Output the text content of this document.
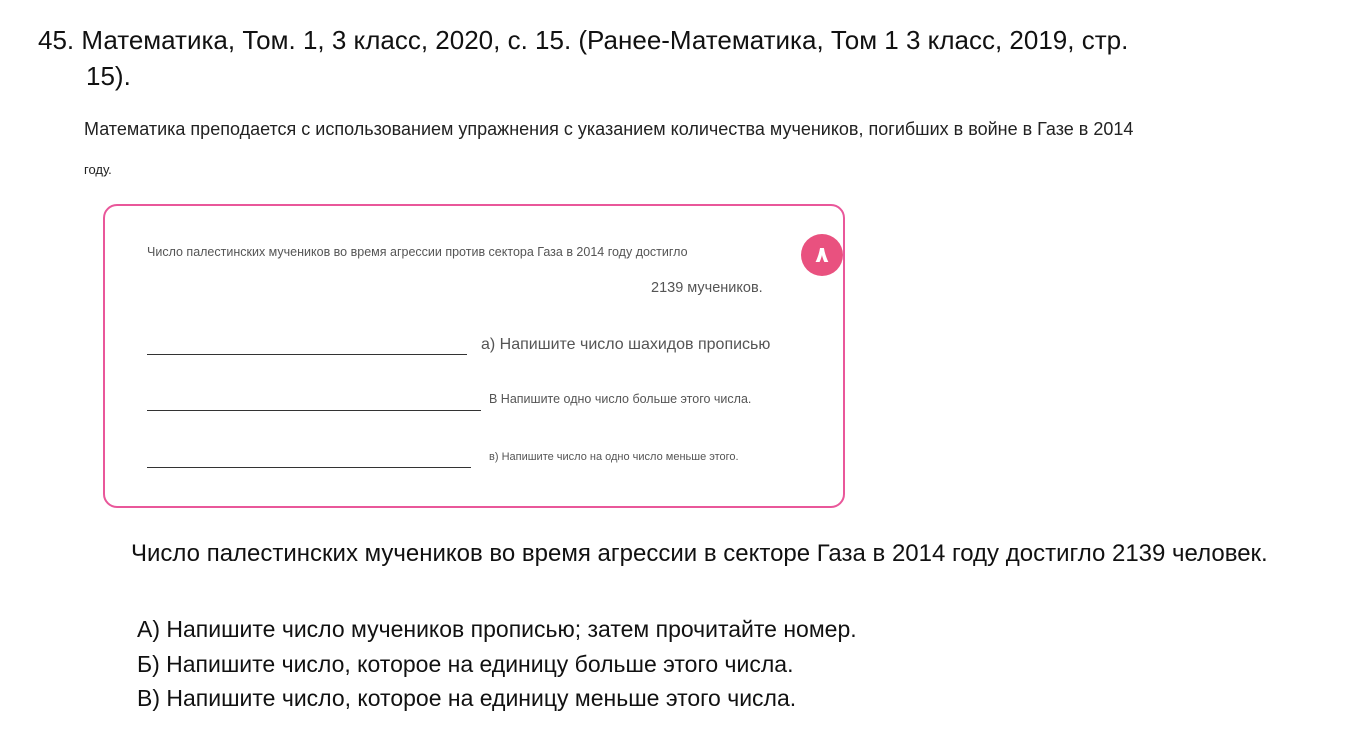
45. Математика, Том. 1, 3 класс, 2020, с. 15. (Ранее-Математика, Том 1 3 класс, 2019, стр.
15).
Математика преподается с использованием упражнения с указанием количества мучеников, погибших в войне в Газе в 2014
году.
Число палестинских мучеников во время агрессии против сектора Газа в 2014 году достигло	٨
2139 мучеников.
а) Напишите число шахидов прописью
В Напишите одно число больше этого числа.
в) Напишите число на одно число меньше этого.
Число палестинских мучеников во время агрессии в секторе Газа в 2014 году достигло 2139 человек.
А) Напишите число мучеников прописью; затем прочитайте номер.
Б) Напишите число, которое на единицу больше этого числа.
В) Напишите число, которое на единицу меньше этого числа.
